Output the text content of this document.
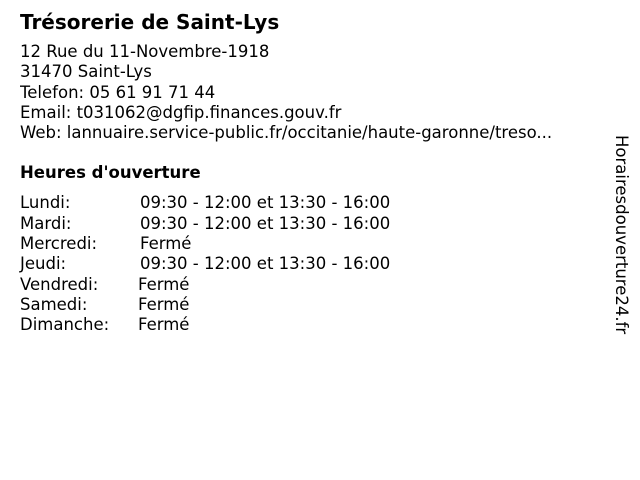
Trésorerie de Saint-Lys
12 Rue du 11-Novembre-1918
31470 Saint-Lys
Telefon: 05 61 91 71 44
Email: t031062@dgfip.finances.gouv.fr
Web: lannuaire.service-public.fr/occitanie/haute-garonne/treso...
Heures d'ouverture
Lundi:	09:30 - 12:00 et 13:30 - 16:00
Mardi:	09:30 - 12:00 et 13:30 - 16:00
Mercredi:	Fermé
Jeudi:	09:30 - 12:00 et 13:30 - 16:00
Vendredi:	Fermé
Samedi:	Fermé
Dimanche:	Fermé	Horairesdouverture24.fr
